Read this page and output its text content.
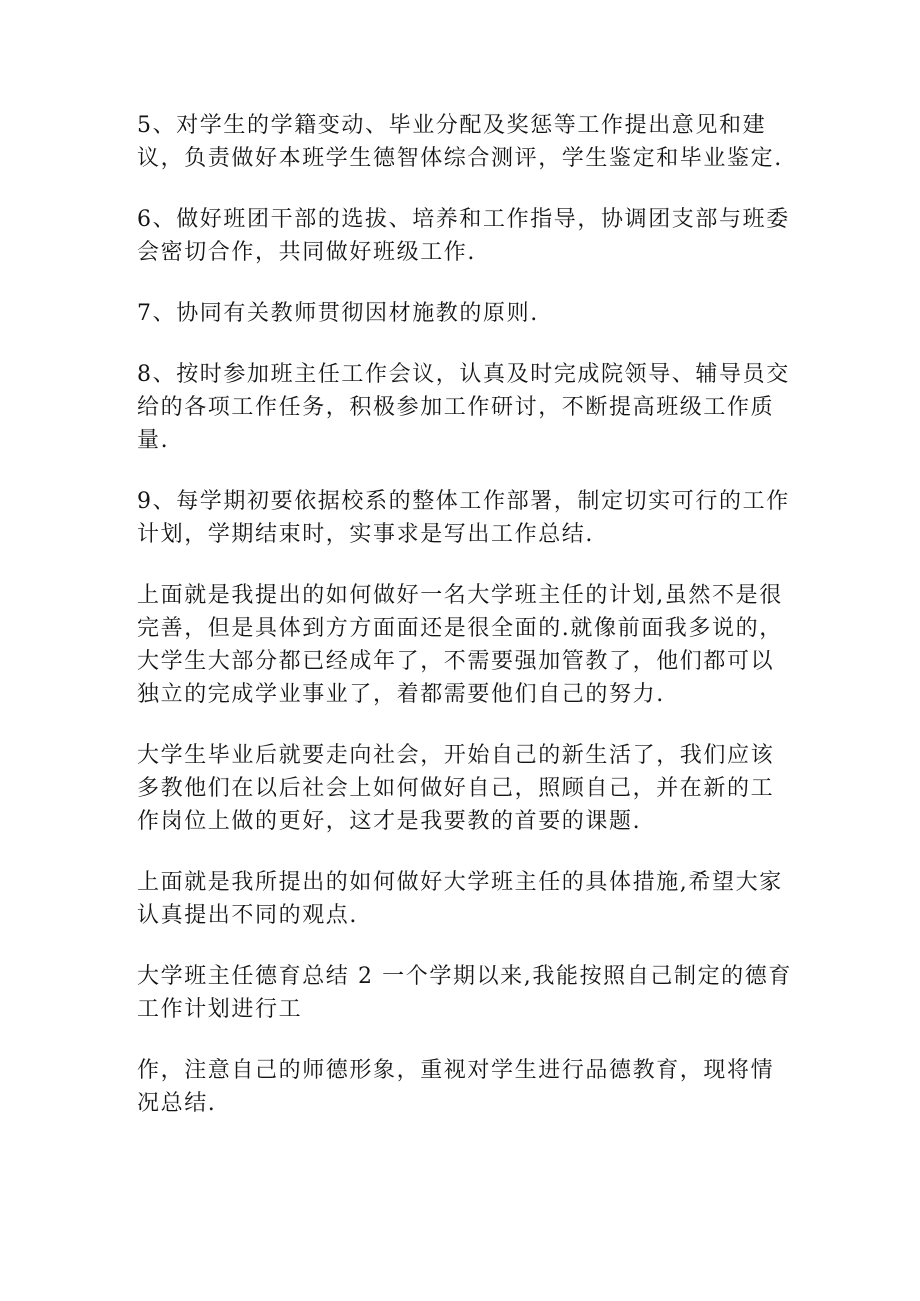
5、对学生的学籍变动、毕业分配及奖惩等工作提出意见和建议，负责做好本班学生德智体综合测评，学生鉴定和毕业鉴定.

6、做好班团干部的选拔、培养和工作指导，协调团支部与班委会密切合作，共同做好班级工作.

7、协同有关教师贯彻因材施教的原则.

8、按时参加班主任工作会议，认真及时完成院领导、辅导员交给的各项工作任务，积极参加工作研讨，不断提高班级工作质量.

9、每学期初要依据校系的整体工作部署，制定切实可行的工作计划，学期结束时，实事求是写出工作总结.

上面就是我提出的如何做好一名大学班主任的计划,虽然不是很完善，但是具体到方方面面还是很全面的.就像前面我多说的，大学生大部分都已经成年了，不需要强加管教了，他们都可以独立的完成学业事业了，着都需要他们自己的努力.

大学生毕业后就要走向社会，开始自己的新生活了，我们应该多教他们在以后社会上如何做好自己，照顾自己，并在新的工作岗位上做的更好，这才是我要教的首要的课题.

上面就是我所提出的如何做好大学班主任的具体措施,希望大家认真提出不同的观点.

大学班主任德育总结 2 一个学期以来,我能按照自己制定的德育工作计划进行工

作，注意自己的师德形象，重视对学生进行品德教育，现将情况总结.
